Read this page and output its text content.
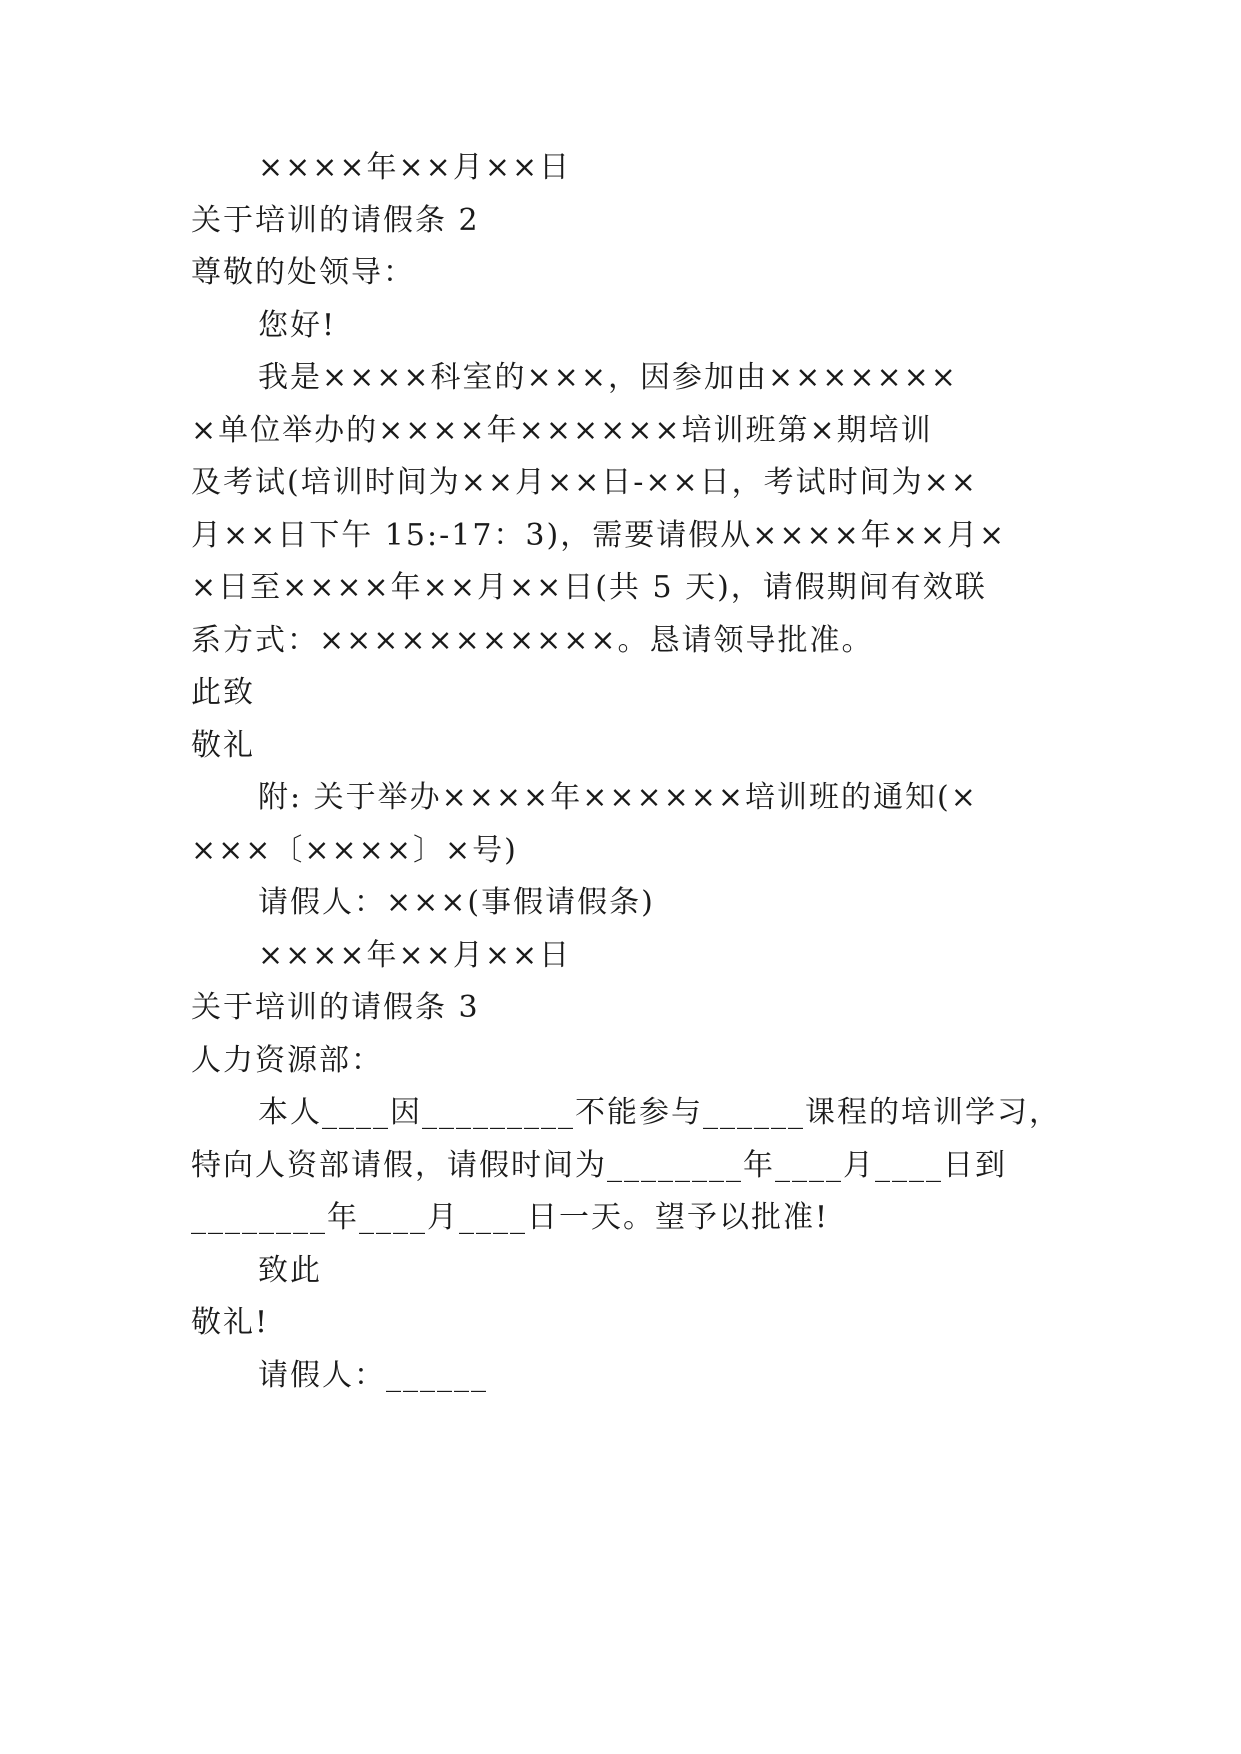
××××年××月××日
关于培训的请假条 2
尊敬的处领导：
您好!
我是××××科室的×××，因参加由×××××××
×单位举办的××××年××××××培训班第×期培训
及考试(培训时间为××月××日-××日，考试时间为××
月××日下午 15:-17：3)，需要请假从××××年××月×
×日至××××年××月××日(共 5 天)，请假期间有效联
系方式：×××××××××××。恳请领导批准。
此致
敬礼
附: 关于举办××××年××××××培训班的通知(×
×××〔××××〕×号)
请假人：×××(事假请假条)
××××年××月××日
关于培训的请假条 3
人力资源部：
本人____因_________不能参与______课程的培训学习，
特向人资部请假，请假时间为________年____月____日到
________年____月____日一天。望予以批准!
致此
敬礼!
请假人：______
